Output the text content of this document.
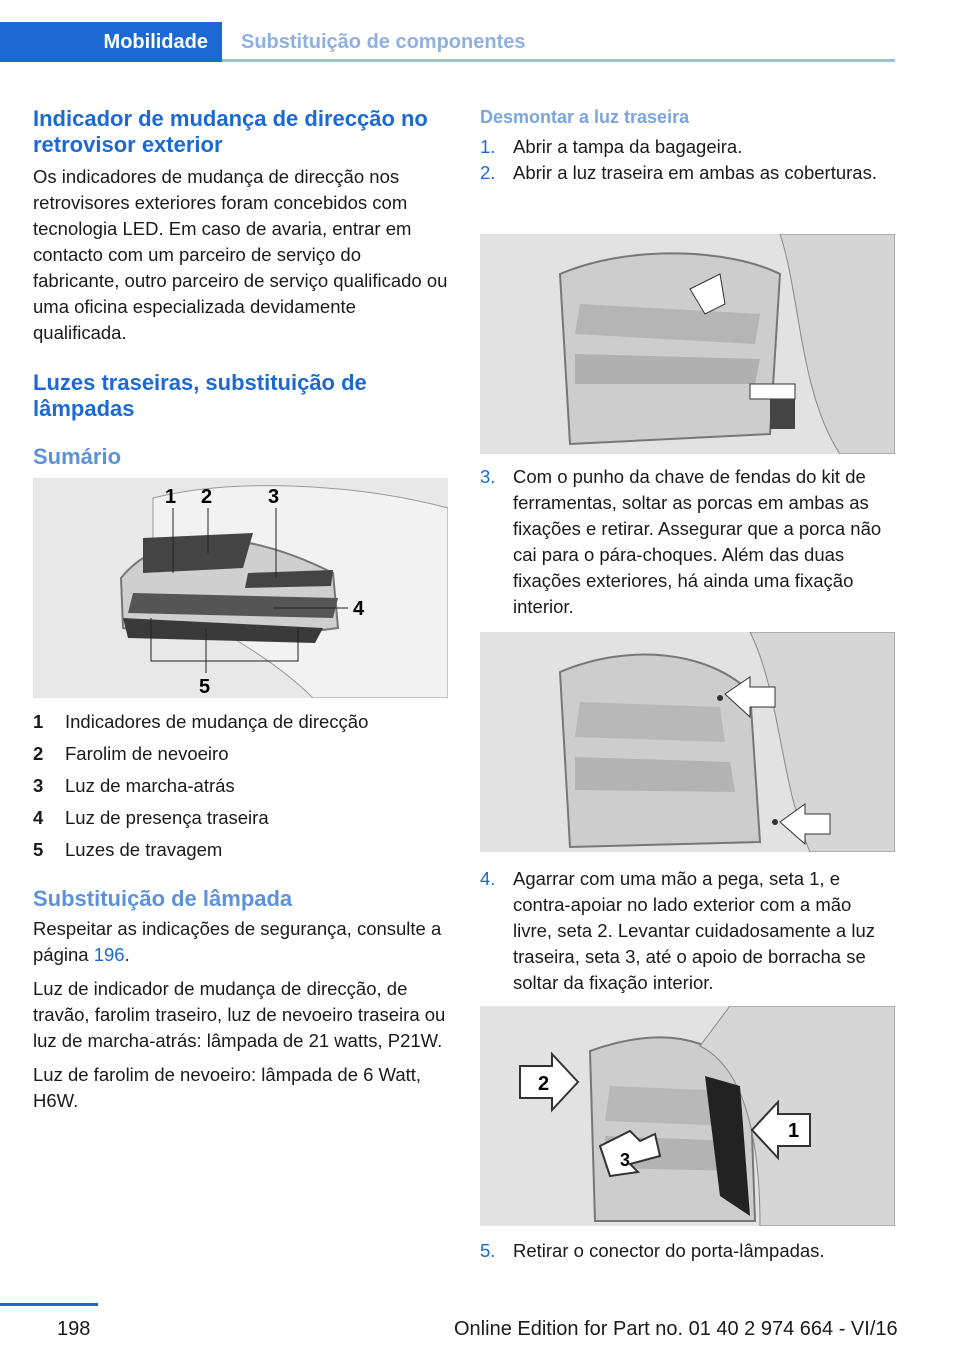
Mobilidade Substituição de componentes
Indicador de mudança de direcção no retrovisor exterior

Os indicadores de mudança de direcção nos retrovisores exteriores foram concebidos com tecnologia LED. Em caso de avaria, entrar em contacto com um parceiro de serviço do fabricante, outro parceiro de serviço qualificado ou uma oficina especializada devidamente qualificada.

Luzes traseiras, substituição de lâmpadas
Sumário
1 2	3
4
5
1	Indicadores de mudança de direcção
2	Farolim de nevoeiro
3	Luz de marcha-atrás
4	Luz de presença traseira
5	Luzes de travagem
Substituição de lâmpada

Respeitar as indicações de segurança, consulte a página 196.

Luz de indicador de mudança de direcção, de travão, farolim traseiro, luz de nevoeiro traseira ou luz de marcha-atrás: lâmpada de 21 watts, P21W.

Luz de farolim de nevoeiro: lâmpada de 6 Watt, H6W.

Desmontar a luz traseira
1. Abrir a tampa da bagageira.
2. Abrir a luz traseira em ambas as coberturas.
3. Com o punho da chave de fendas do kit de ferramentas, soltar as porcas em ambas as fixações e retirar. Assegurar que a porca não cai para o pára-choques. Além das duas fixações exteriores, há ainda uma fixação interior.
4. Agarrar com uma mão a pega, seta 1, e contra-apoiar no lado exterior com a mão livre, seta 2. Levantar cuidadosamente a luz traseira, seta 3, até o apoio de borracha se soltar da fixação interior.
2
1
3
5. Retirar o conector do porta-lâmpadas.
198	Online Edition for Part no. 01 40 2 974 664 - VI/16
